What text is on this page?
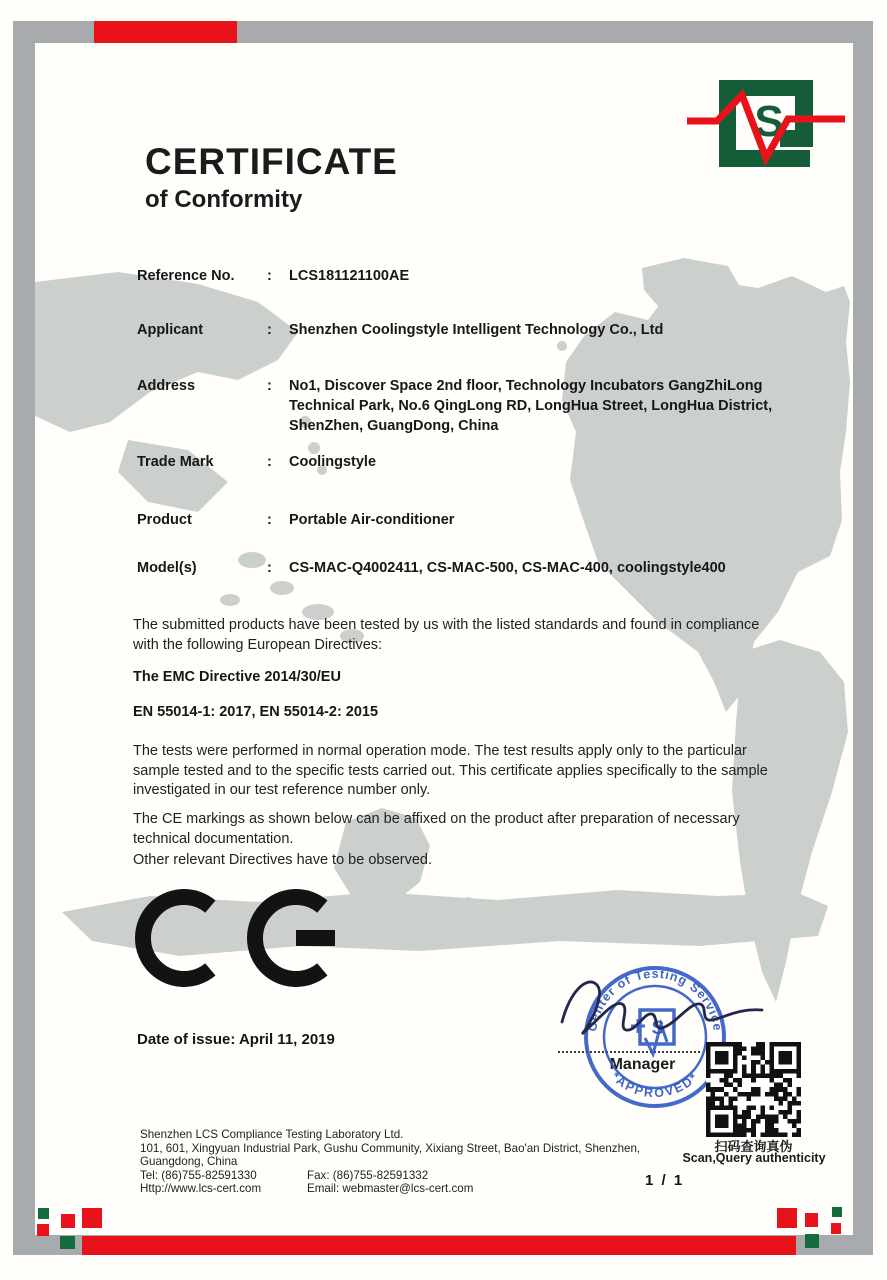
S
CERTIFICATE
of Conformity
Reference No.	:	LCS181121100AE
Applicant	:	Shenzhen Coolingstyle Intelligent Technology Co., Ltd
Address	:	No1, Discover Space 2nd floor, Technology Incubators GangZhiLong
Technical Park, No.6 QingLong RD, LongHua Street, LongHua District,
ShenZhen, GuangDong, China
Trade Mark	:	Coolingstyle
Product	:	Portable Air-conditioner
Model(s)	:	CS-MAC-Q4002411, CS-MAC-500, CS-MAC-400, coolingstyle400
The submitted products have been tested by us with the listed standards and found in compliance with the following European Directives:
The EMC Directive 2014/30/EU
EN 55014-1: 2017, EN 55014-2: 2015
The tests were performed in normal operation mode. The test results apply only to the particular sample tested and to the specific tests carried out. This certificate applies specifically to the sample investigated in our test reference number only.
The CE markings as shown below can be affixed on the product after preparation of necessary technical documentation.
Other relevant Directives have to be observed.
Date of issue: April 11, 2019
Shenzhen LCS Compliance Testing Laboratory Ltd.
101, 601, Xingyuan Industrial Park, Gushu Community, Xixiang Street, Bao'an District, Shenzhen,
Guangdong, China
Tel: (86)755-82591330	Fax: (86)755-82591332
Http://www.lcs-cert.com	Email: webmaster@lcs-cert.com	1 / 1
Manager
Center of Testing Service
*APPROVED*
S
扫码查询真伪
Scan,Query authenticity
